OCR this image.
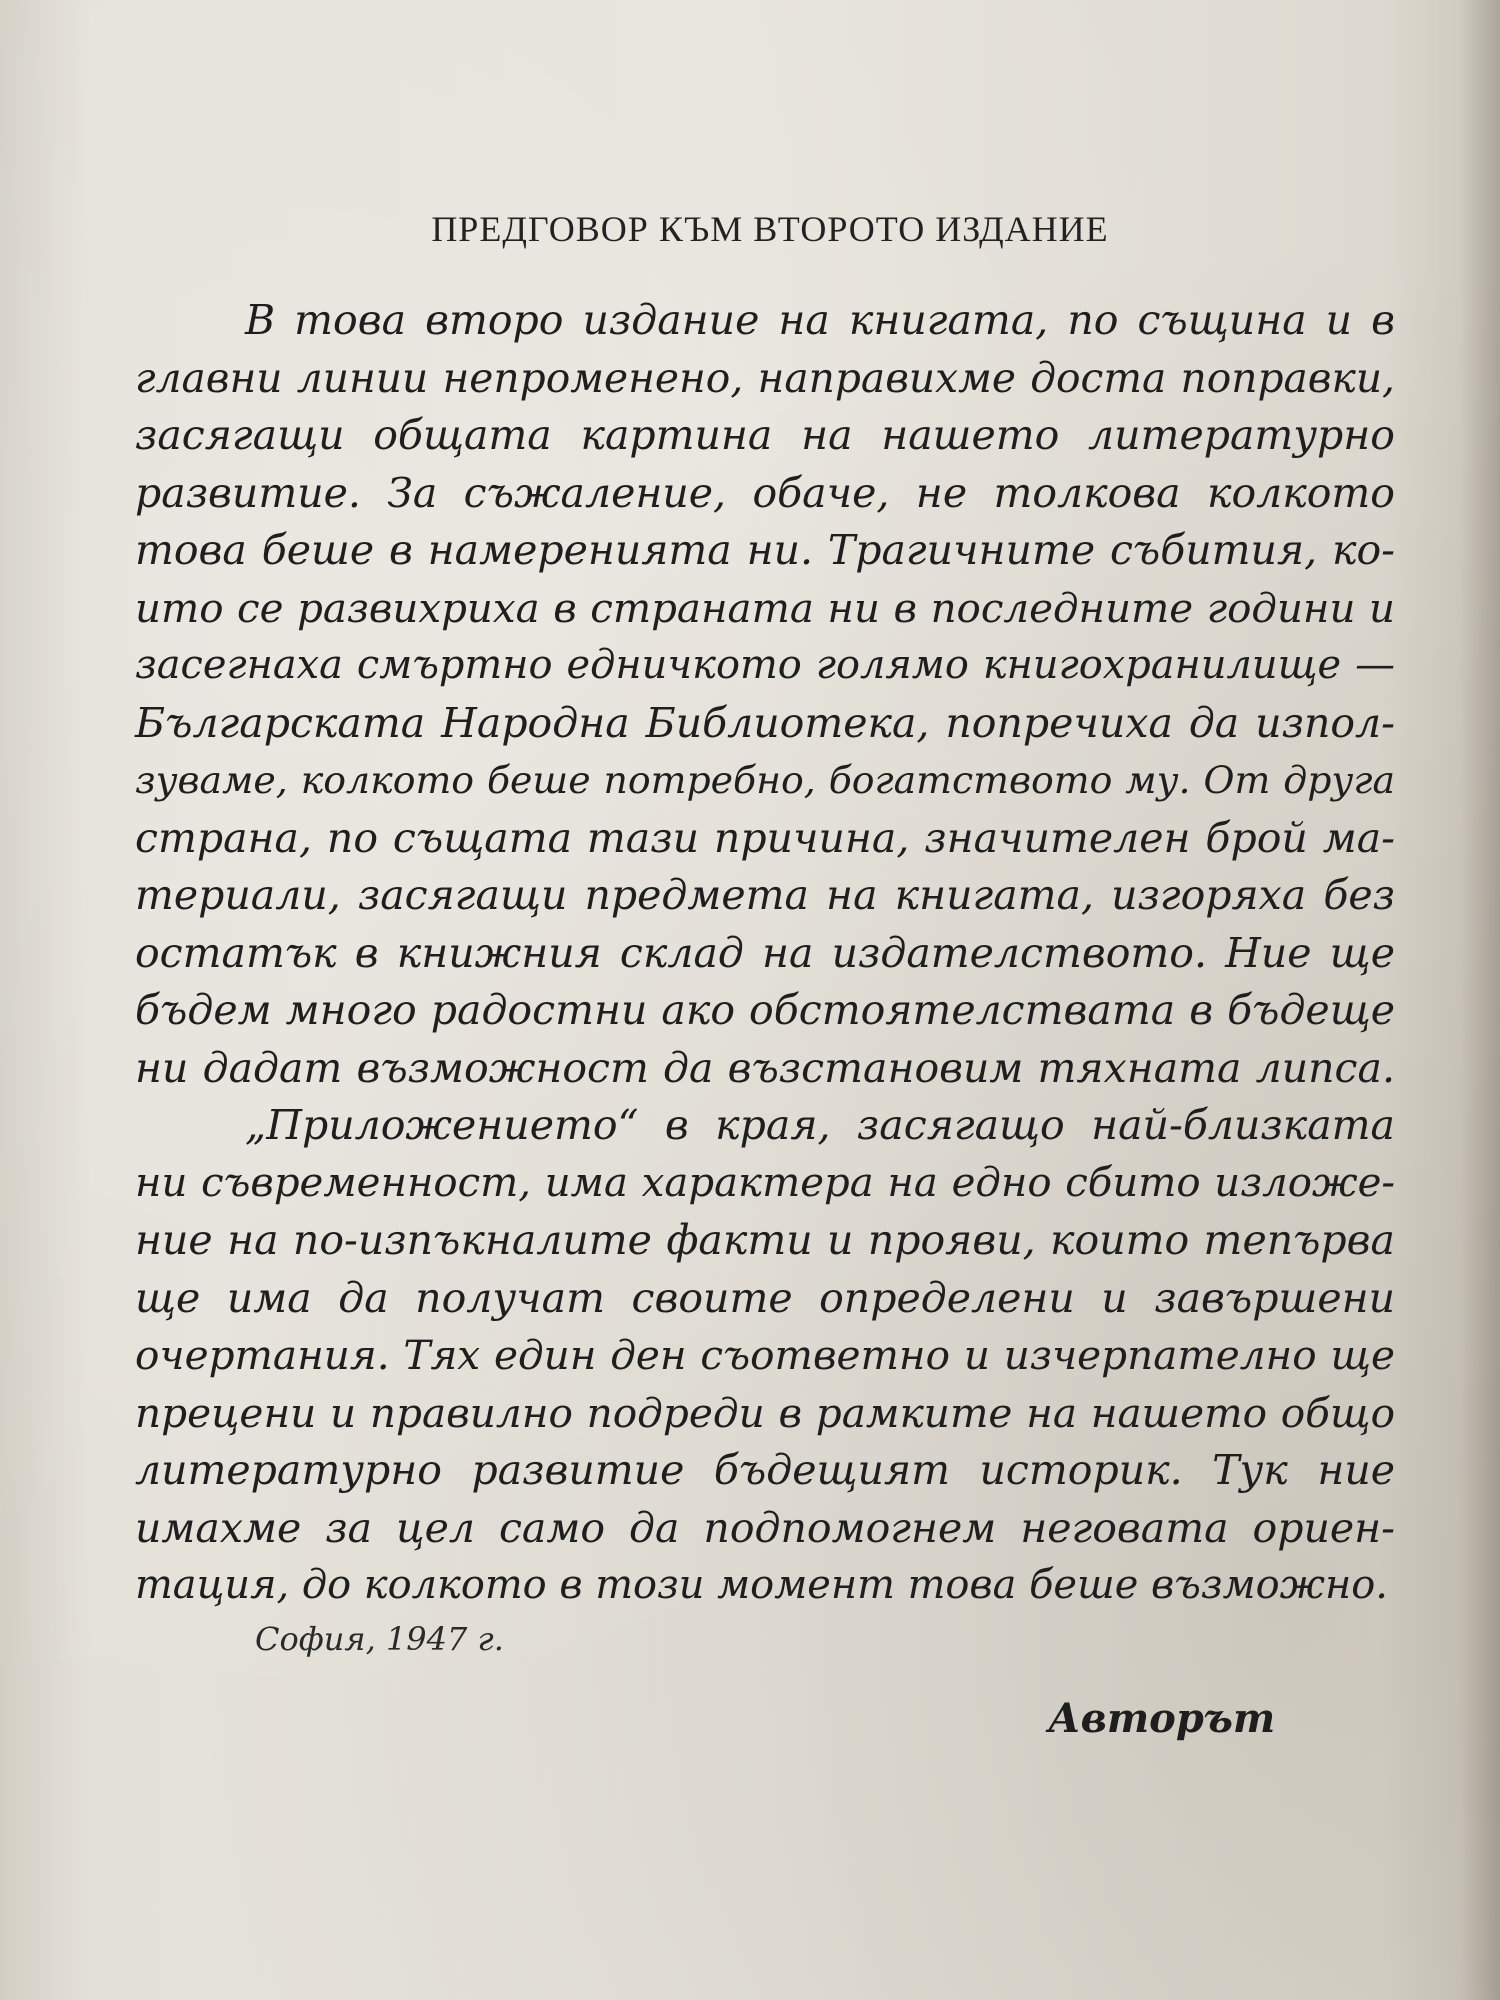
ПРЕДГОВОР КЪМ ВТОРОТО ИЗДАНИЕ
В това второ издание на книгата, по същина и в
главни линии непроменено, направихме доста поправки,
засягащи общата картина на нашето литературно
развитие. За съжаление, обаче, не толкова колкото
това беше в намеренията ни. Трагичните събития, ко-
ито се развихриха в страната ни в последните години и
засегнаха смъртно едничкото голямо книгохранилище —
Българската Народна Библиотека, попречиха да изпол-
зуваме, колкото беше потребно, богатството му. От друга
страна, по същата тази причина, значителен брой ма-
териали, засягащи предмета на книгата, изгоряха без
остатък в книжния склад на издателството. Ние ще
бъдем много радостни ако обстоятелствата в бъдеще
ни дадат възможност да възстановим тяхната липса.
„Приложението“ в края, засягащо най-близката
ни съвременност, има характера на едно сбито изложе-
ние на по-изпъкналите факти и прояви, които тепърва
ще има да получат своите определени и завършени
очертания. Тях един ден съответно и изчерпателно ще
прецени и правилно подреди в рамките на нашето общо
литературно развитие бъдещият историк. Тук ние
имахме за цел само да подпомогнем неговата ориен-
тация, до колкото в този момент това беше възможно.
София, 1947 г.
Авторът
